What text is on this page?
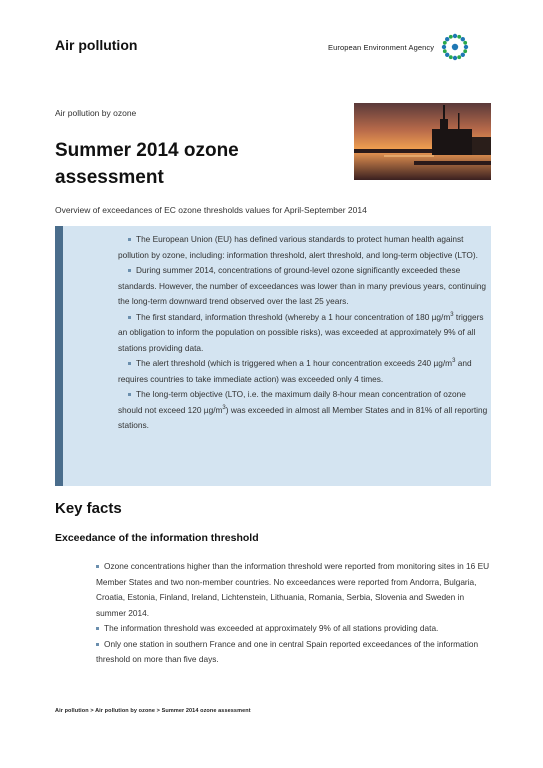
Air pollution	European Environment Agency
Air pollution by ozone
Summer 2014 ozone assessment
Overview of exceedances of EC ozone thresholds values for April-September 2014
The European Union (EU) has defined various standards to protect human health against pollution by ozone, including: information threshold, alert threshold, and long-term objective (LTO).
During summer 2014, concentrations of ground-level ozone significantly exceeded these standards. However, the number of exceedances was lower than in many previous years, continuing the long-term downward trend observed over the last 25 years.
The first standard, information threshold (whereby a 1 hour concentration of 180 $\mu g/m^3$ triggers an obligation to inform the population on possible risks), was exceeded at approximately 9% of all stations providing data.
The alert threshold (which is triggered when a 1 hour concentration exceeds 240 $\mu g/m^3$ and requires countries to take immediate action) was exceeded only 4 times.
The long-term objective (LTO, i.e. the maximum daily 8-hour mean concentration of ozone should not exceed 120 $\mu g/m^3$) was exceeded in almost all Member States and in 81% of all reporting stations.
Key facts
Exceedance of the information threshold
Ozone concentrations higher than the information threshold were reported from monitoring sites in 16 EU Member States and two non-member countries. No exceedances were reported from Andorra, Bulgaria, Croatia, Estonia, Finland, Ireland, Lichtenstein, Lithuania, Romania, Serbia, Slovenia and Sweden in summer 2014.
The information threshold was exceeded at approximately 9% of all stations providing data.
Only one station in southern France and one in central Spain reported exceedances of the information threshold on more than five days.
Air pollution > Air pollution by ozone > Summer 2014 ozone assessment
